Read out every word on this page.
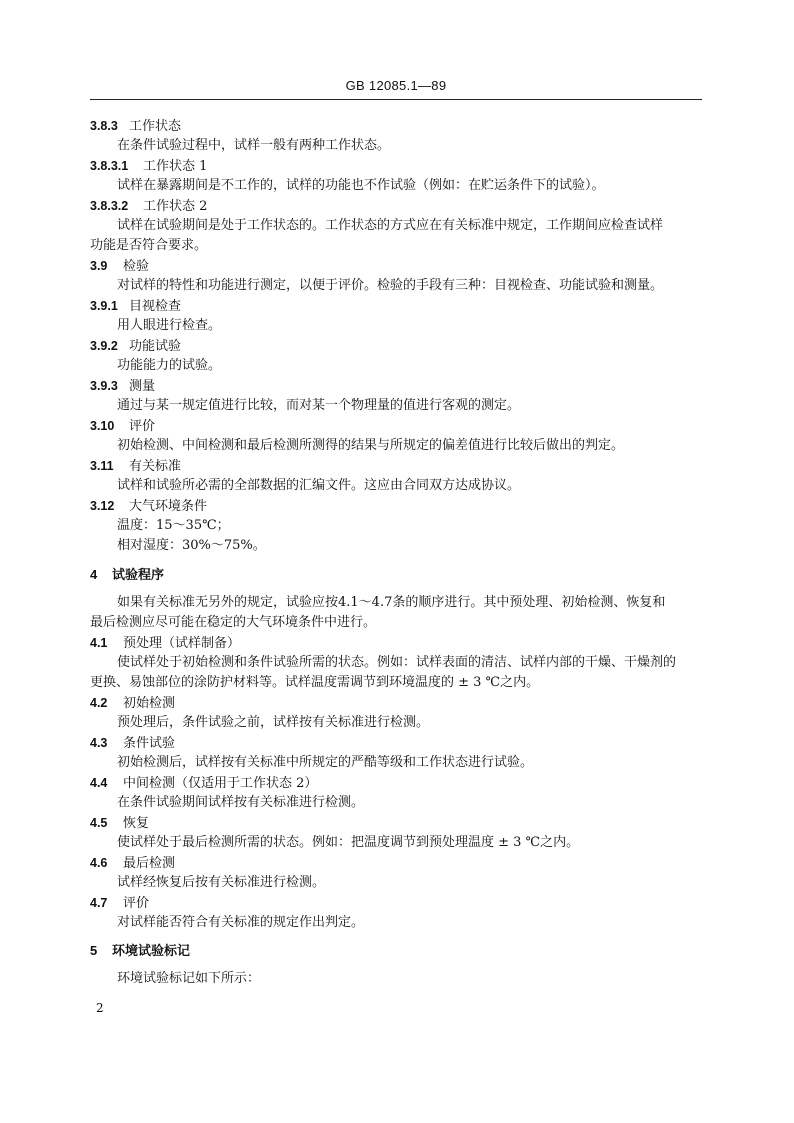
GB 12085.1—89
3.8.3 工作状态
在条件试验过程中，试样一般有两种工作状态。
3.8.3.1 工作状态 1
试样在暴露期间是不工作的，试样的功能也不作试验（例如：在贮运条件下的试验）。
3.8.3.2 工作状态 2
试样在试验期间是处于工作状态的。工作状态的方式应在有关标准中规定，工作期间应检查试样
功能是否符合要求。
3.9 检验
对试样的特性和功能进行测定，以便于评价。检验的手段有三种：目视检查、功能试验和测量。
3.9.1 目视检查
用人眼进行检查。
3.9.2 功能试验
功能能力的试验。
3.9.3 测量
通过与某一规定值进行比较，而对某一个物理量的值进行客观的测定。
3.10 评价
初始检测、中间检测和最后检测所测得的结果与所规定的偏差值进行比较后做出的判定。
3.11 有关标准
试样和试验所必需的全部数据的汇编文件。这应由合同双方达成协议。
3.12 大气环境条件
温度：15～35℃；
相对湿度：30%～75%。
4 试验程序
如果有关标准无另外的规定，试验应按4.1～4.7条的顺序进行。其中预处理、初始检测、恢复和
最后检测应尽可能在稳定的大气环境条件中进行。
4.1 预处理（试样制备）
使试样处于初始检测和条件试验所需的状态。例如：试样表面的清洁、试样内部的干燥、干燥剂的
更换、易蚀部位的涂防护材料等。试样温度需调节到环境温度的 ± 3 ℃之内。
4.2 初始检测
预处理后，条件试验之前，试样按有关标准进行检测。
4.3 条件试验
初始检测后，试样按有关标准中所规定的严酷等级和工作状态进行试验。
4.4 中间检测（仅适用于工作状态 2）
在条件试验期间试样按有关标准进行检测。
4.5 恢复
使试样处于最后检测所需的状态。例如：把温度调节到预处理温度 ± 3 ℃之内。
4.6 最后检测
试样经恢复后按有关标准进行检测。
4.7 评价
对试样能否符合有关标准的规定作出判定。
5 环境试验标记
环境试验标记如下所示：
2
